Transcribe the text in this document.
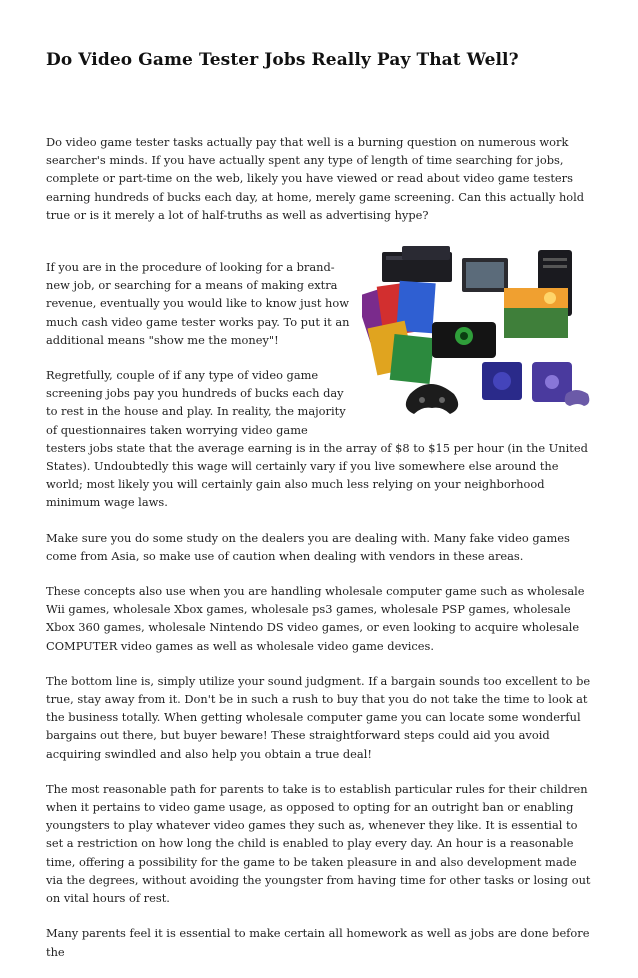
Do Video Game Tester Jobs Really Pay That Well?

Do video game tester tasks actually pay that well is a burning question on numerous work searcher's minds. If you have actually spent any type of length of time searching for jobs, complete or part-time on the web, likely you have viewed or read about video game testers earning hundreds of bucks each day, at home, merely game screening. Can this actually hold true or is it merely a lot of half-truths as well as advertising hype?

If you are in the procedure of looking for a brand-new job, or searching for a means of making extra revenue, eventually you would like to know just how much cash video game tester works pay. To put it an additional means "show me the money"!

Regretfully, couple of if any type of video game screening jobs pay you hundreds of bucks each day to rest in the house and play. In reality, the majority of questionnaires taken worrying video game testers jobs state that the average earning is in the array of $8 to $15 per hour (in the United States). Undoubtedly this wage will certainly vary if you live somewhere else around the world; most likely you will certainly gain also much less relying on your neighborhood minimum wage laws.

Make sure you do some study on the dealers you are dealing with. Many fake video games come from Asia, so make use of caution when dealing with vendors in these areas.

These concepts also use when you are handling wholesale computer game such as wholesale Wii games, wholesale Xbox games, wholesale ps3 games, wholesale PSP games, wholesale Xbox 360 games, wholesale Nintendo DS video games, or even looking to acquire wholesale COMPUTER video games as well as wholesale video game devices.

The bottom line is, simply utilize your sound judgment. If a bargain sounds too excellent to be true, stay away from it. Don't be in such a rush to buy that you do not take the time to look at the business totally. When getting wholesale computer game you can locate some wonderful bargains out there, but buyer beware! These straightforward steps could aid you avoid acquiring swindled and also help you obtain a true deal!

The most reasonable path for parents to take is to establish particular rules for their children when it pertains to video game usage, as opposed to opting for an outright ban or enabling youngsters to play whatever video games they such as, whenever they like. It is essential to set a restriction on how long the child is enabled to play every day. An hour is a reasonable time, offering a possibility for the game to be taken pleasure in and also development made via the degrees, without avoiding the youngster from having time for other tasks or losing out on vital hours of rest.

Many parents feel it is essential to make certain all homework as well as jobs are done before the
